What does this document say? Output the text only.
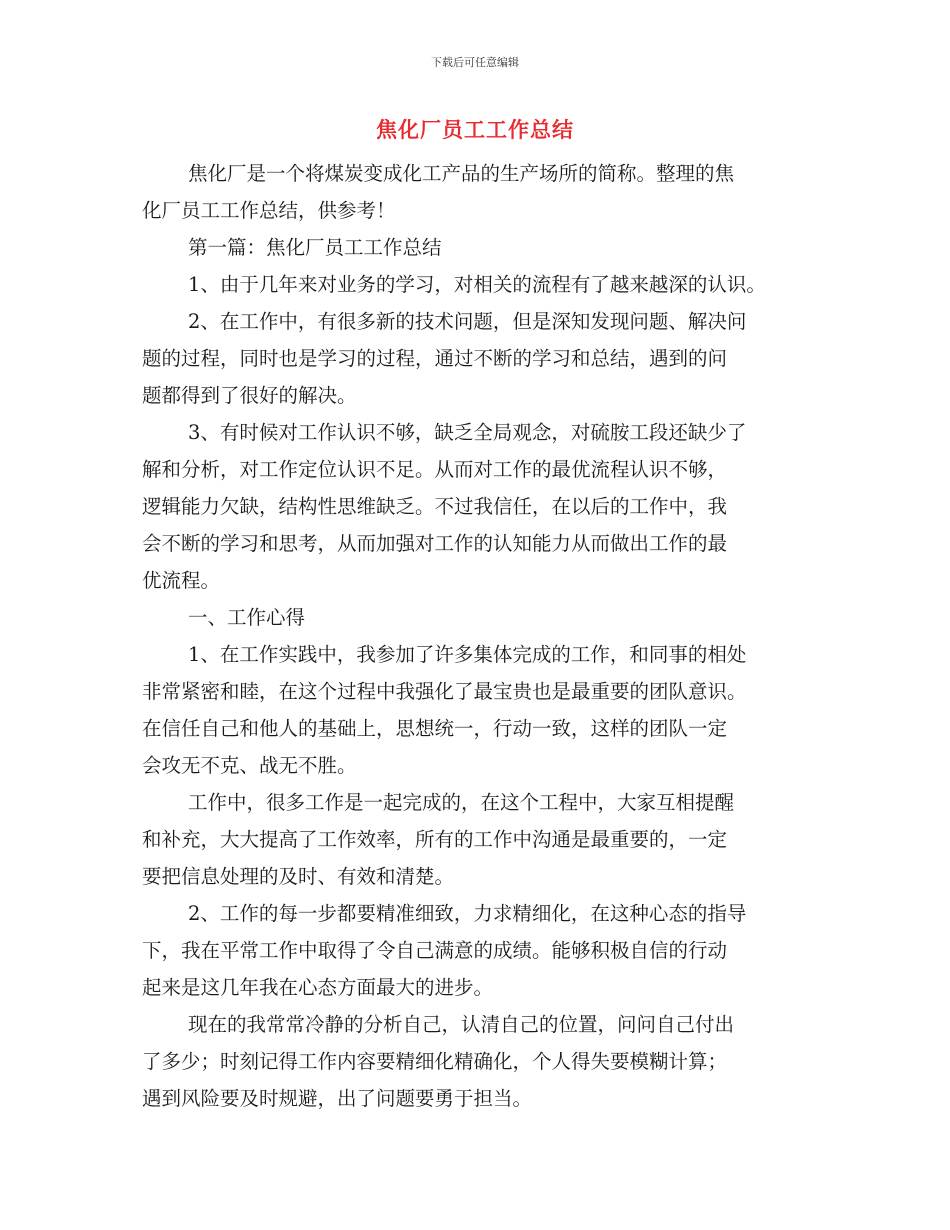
下载后可任意编辑
焦化厂员工工作总结
焦化厂是一个将煤炭变成化工产品的生产场所的简称。整理的焦
化厂员工工作总结，供参考！
第一篇：焦化厂员工工作总结
1、由于几年来对业务的学习，对相关的流程有了越来越深的认识。
2、在工作中，有很多新的技术问题，但是深知发现问题、解决问
题的过程，同时也是学习的过程，通过不断的学习和总结，遇到的问
题都得到了很好的解决。
3、有时候对工作认识不够，缺乏全局观念，对硫胺工段还缺少了
解和分析，对工作定位认识不足。从而对工作的最优流程认识不够，
逻辑能力欠缺，结构性思维缺乏。不过我信任，在以后的工作中，我
会不断的学习和思考，从而加强对工作的认知能力从而做出工作的最
优流程。
一、工作心得
1、在工作实践中，我参加了许多集体完成的工作，和同事的相处
非常紧密和睦，在这个过程中我强化了最宝贵也是最重要的团队意识。
在信任自己和他人的基础上，思想统一，行动一致，这样的团队一定
会攻无不克、战无不胜。
工作中，很多工作是一起完成的，在这个工程中，大家互相提醒
和补充，大大提高了工作效率，所有的工作中沟通是最重要的，一定
要把信息处理的及时、有效和清楚。
2、工作的每一步都要精准细致，力求精细化，在这种心态的指导
下，我在平常工作中取得了令自己满意的成绩。能够积极自信的行动
起来是这几年我在心态方面最大的进步。
现在的我常常冷静的分析自己，认清自己的位置，问问自己付出
了多少；时刻记得工作内容要精细化精确化，个人得失要模糊计算；
遇到风险要及时规避，出了问题要勇于担当。
